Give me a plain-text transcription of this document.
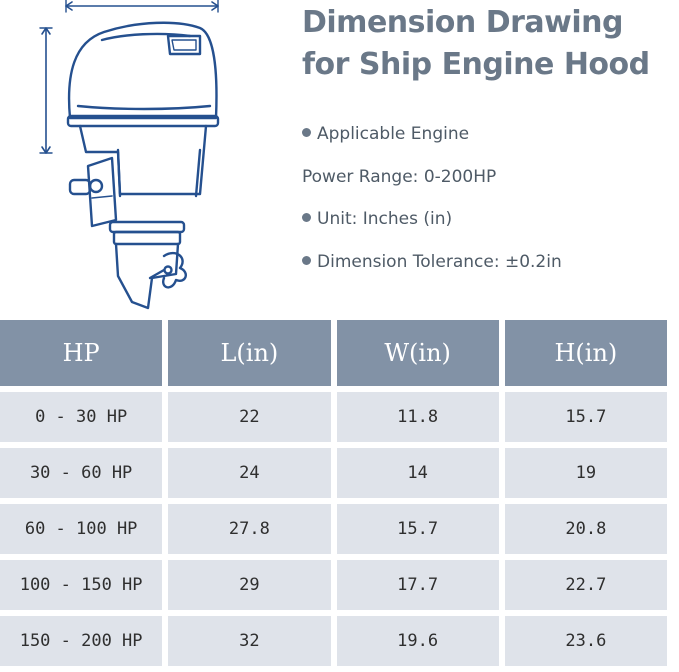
Dimension Drawing
for Ship Engine Hood
Applicable Engine
Power Range: 0-200HP
Unit: Inches (in)
Dimension Tolerance: ±0.2in
HP	L(in)	W(in)	H(in)
0 - 30 HP	22	11.8	15.7
30 - 60 HP	24	14	19
60 - 100 HP	27.8	15.7	20.8
100 - 150 HP	29	17.7	22.7
150 - 200 HP	32	19.6	23.6
